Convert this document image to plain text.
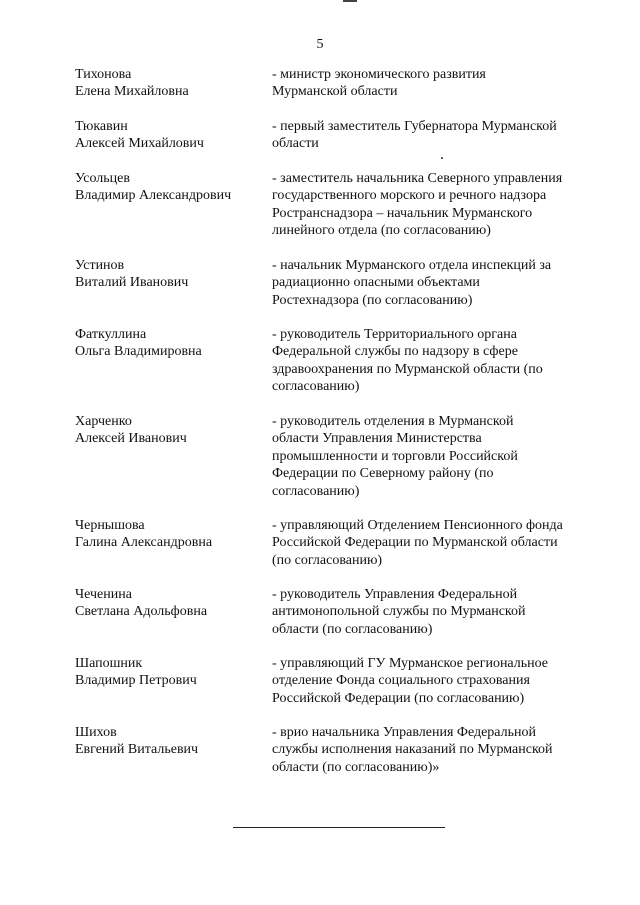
5
Тихонова
Елена Михайловна
- министр экономического развития
Мурманской области
Тюкавин
Алексей Михайлович
- первый заместитель Губернатора Мурманской
области
Усольцев
Владимир Александрович
- заместитель начальника Северного управления
государственного морского и речного надзора
Ространснадзора – начальник Мурманского
линейного отдела (по согласованию)
Устинов
Виталий Иванович
- начальник Мурманского отдела инспекций за
радиационно опасными объектами
Ростехнадзора (по согласованию)
Фаткуллина
Ольга Владимировна
- руководитель Территориального органа
Федеральной службы по надзору в сфере
здравоохранения по Мурманской области (по
согласованию)
Харченко
Алексей Иванович
- руководитель отделения в Мурманской
области Управления Министерства
промышленности и торговли Российской
Федерации по Северному району (по
согласованию)
Чернышова
Галина Александровна
- управляющий Отделением Пенсионного фонда
Российской Федерации по Мурманской области
(по согласованию)
Чеченина
Светлана Адольфовна
- руководитель Управления Федеральной
антимонопольной службы по Мурманской
области (по согласованию)
Шапошник
Владимир Петрович
- управляющий ГУ Мурманское региональное
отделение Фонда социального страхования
Российской Федерации (по согласованию)
Шихов
Евгений Витальевич
- врио начальника Управления Федеральной
службы исполнения наказаний по Мурманской
области (по согласованию)»
